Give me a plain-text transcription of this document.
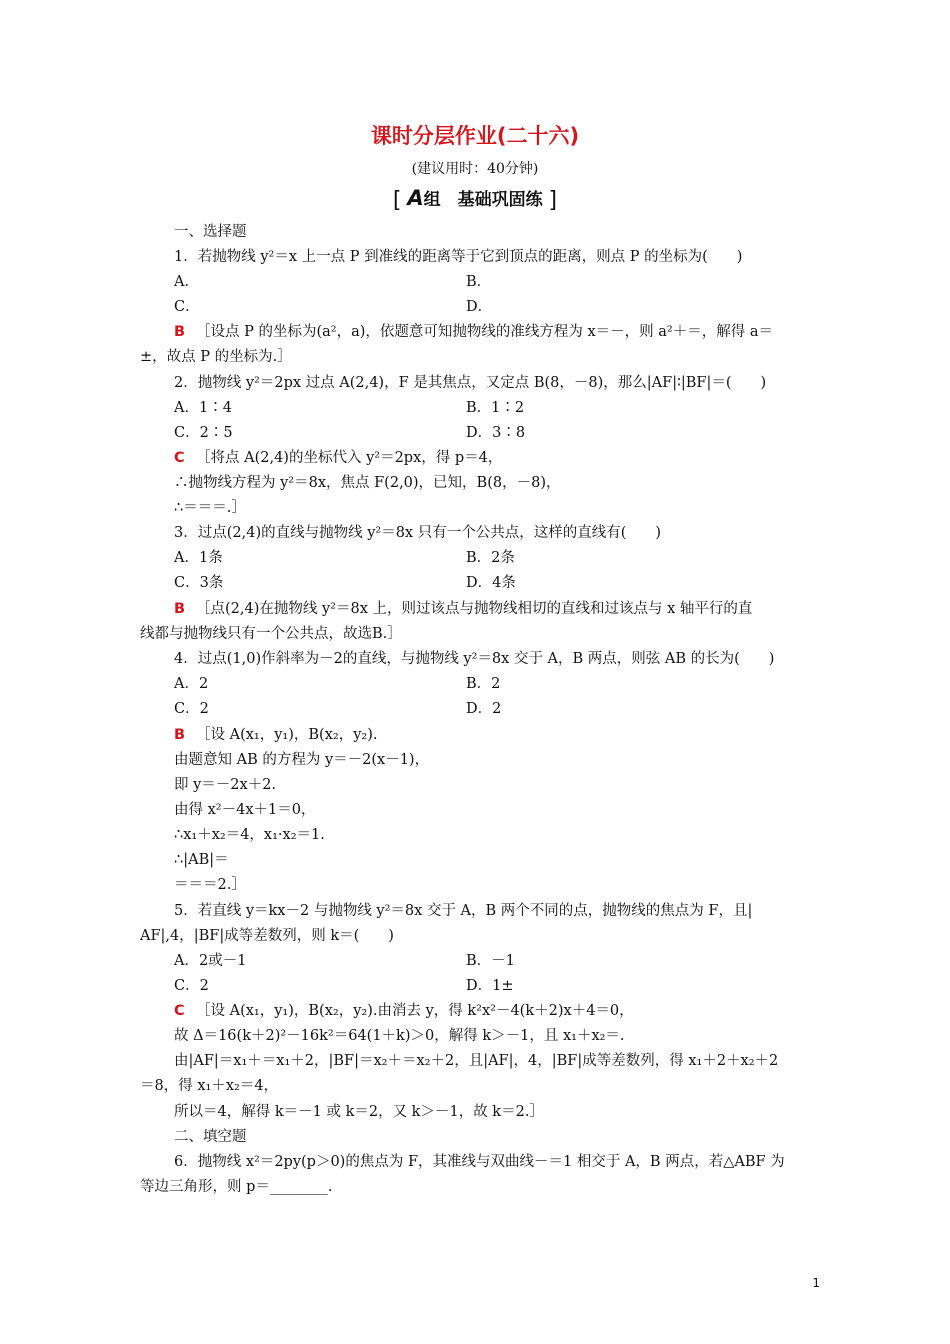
课时分层作业(二十六)
(建议用时：40分钟)
[ A组　基础巩固练 ]
一、选择题
1．若抛物线 y²＝x 上一点 P 到准线的距离等于它到顶点的距离，则点 P 的坐标为(　　)
A．	B．
C．	D．
B ［设点 P 的坐标为(a²，a)，依题意可知抛物线的准线方程为 x＝－，则 a²＋＝，解得 a＝
±，故点 P 的坐标为.］
2．抛物线 y²＝2px 过点 A(2,4)，F 是其焦点，又定点 B(8，－8)，那么|AF|∶|BF|＝(　　)
A．1∶4	B．1∶2
C．2∶5	D．3∶8
C ［将点 A(2,4)的坐标代入 y²＝2px，得 p＝4，
∴抛物线方程为 y²＝8x，焦点 F(2,0)，已知，B(8，－8)，
∴＝＝＝.］
3．过点(2,4)的直线与抛物线 y²＝8x 只有一个公共点，这样的直线有(　　)
A．1条	B．2条
C．3条	D．4条
B ［点(2,4)在抛物线 y²＝8x 上，则过该点与抛物线相切的直线和过该点与 x 轴平行的直
线都与抛物线只有一个公共点，故选B.］
4．过点(1,0)作斜率为－2的直线，与抛物线 y²＝8x 交于 A，B 两点，则弦 AB 的长为(　　)
A．2	B．2
C．2	D．2
B ［设 A(x₁，y₁)，B(x₂，y₂).
由题意知 AB 的方程为 y＝－2(x－1)，
即 y＝－2x＋2.
由得 x²－4x＋1＝0，
∴x₁＋x₂＝4，x₁·x₂＝1.
∴|AB|＝
＝＝＝2.］
5．若直线 y＝kx－2 与抛物线 y²＝8x 交于 A，B 两个不同的点，抛物线的焦点为 F，且|
AF|,4，|BF|成等差数列，则 k＝(　　)
A．2或－1	B．－1
C．2	D．1±
C ［设 A(x₁，y₁)，B(x₂，y₂).由消去 y，得 k²x²－4(k＋2)x＋4＝0，
故 Δ＝16(k＋2)²－16k²＝64(1＋k)＞0，解得 k＞－1，且 x₁＋x₂＝.
由|AF|＝x₁＋＝x₁＋2，|BF|＝x₂＋＝x₂＋2，且|AF|，4，|BF|成等差数列，得 x₁＋2＋x₂＋2
＝8，得 x₁＋x₂＝4，
所以＝4，解得 k＝－1 或 k＝2，又 k＞－1，故 k＝2.］
二、填空题
6．抛物线 x²＝2py(p＞0)的焦点为 F，其准线与双曲线－＝1 相交于 A，B 两点，若△ABF 为
等边三角形，则 p＝________.
1
